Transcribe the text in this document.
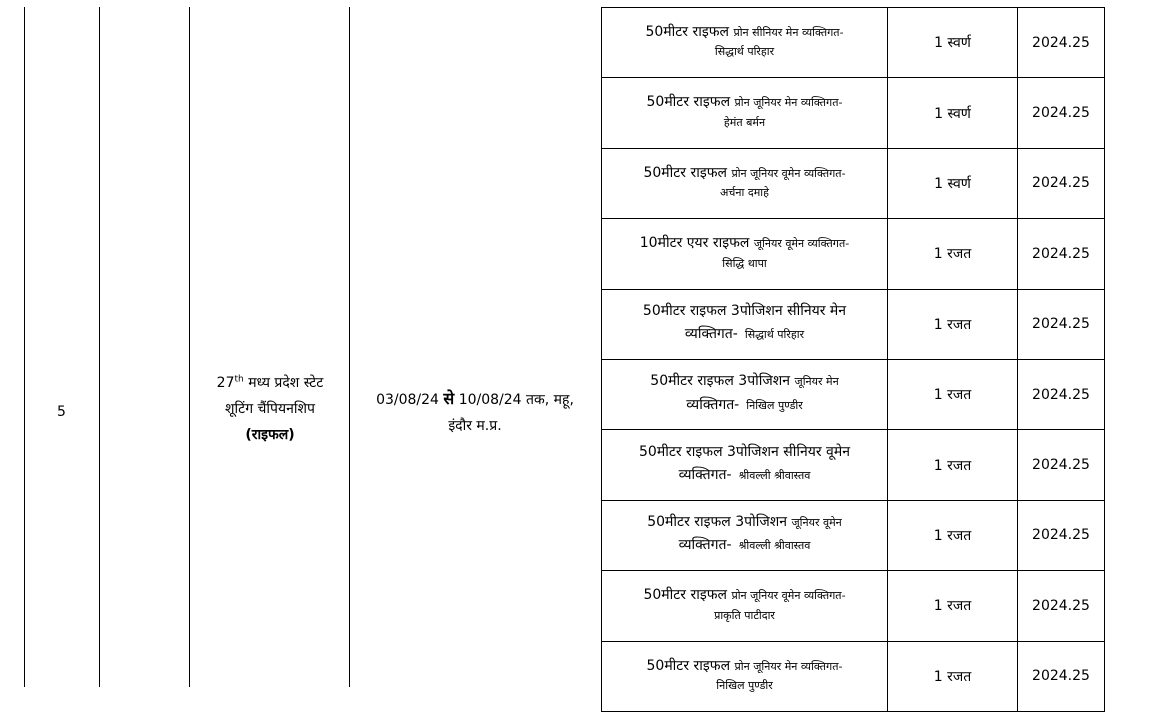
5
27th मध्य प्रदेश स्टेट
शूटिंग चैंपियनशिप
(राइफल)
03/08/24 से 10/08/24 तक, महू,
इंदौर म.प्र.
50मीटर राइफल प्रोन सीनियर मेन व्यक्तिगत-
सिद्धार्थ परिहार	1 स्वर्ण	2024.25

50मीटर राइफल प्रोन जूनियर मेन व्यक्तिगत-
हेमंत बर्मन	1 स्वर्ण	2024.25

50मीटर राइफल प्रोन जूनियर वूमेन व्यक्तिगत-
अर्चना दमाहे	1 स्वर्ण	2024.25

10मीटर एयर राइफल जूनियर वूमेन व्यक्तिगत-
सिद्धि थापा	1 रजत	2024.25

50मीटर राइफल 3पोजिशन सीनियर मेन
व्यक्तिगत- सिद्धार्थ परिहार	1 रजत	2024.25

50मीटर राइफल 3पोजिशन जूनियर मेन
व्यक्तिगत- निखिल पुण्डीर	1 रजत	2024.25

50मीटर राइफल 3पोजिशन सीनियर वूमेन
व्यक्तिगत- श्रीवल्ली श्रीवास्तव	1 रजत	2024.25

50मीटर राइफल 3पोजिशन जूनियर वूमेन
व्यक्तिगत- श्रीवल्ली श्रीवास्तव	1 रजत	2024.25

50मीटर राइफल प्रोन जूनियर वूमेन व्यक्तिगत-
प्राकृति पाटीदार	1 रजत	2024.25

50मीटर राइफल प्रोन जूनियर मेन व्यक्तिगत-
निखिल पुण्डीर	1 रजत	2024.25
